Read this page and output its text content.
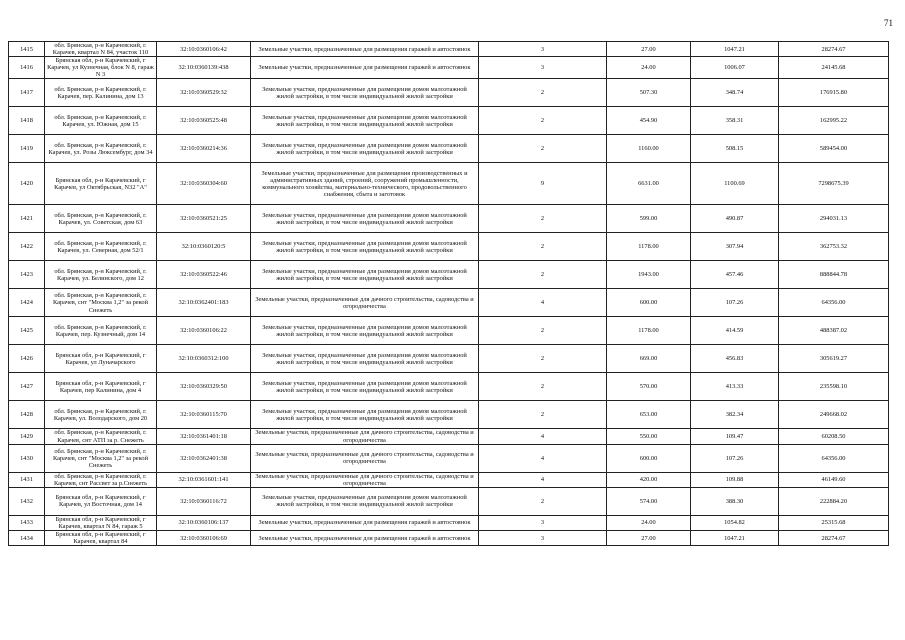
71
1415	обл. Брянская, р-н Карачевский, г. Карачев, квартал N 84, участок 110	32:10:0360106:42	Земельные участки, предназначенные для размещения гаражей и автостоянок	3	27.00	1047.21	28274.67
1416	Брянская обл, р-н Карачевский, г Карачев, ул Кузнечная, блок N 8, гараж N 3	32:10:0360139:438	Земельные участки, предназначенные для размещения гаражей и автостоянок	3	24.00	1006.07	24145.68
1417	обл. Брянская, р-н Карачевский, г. Карачев, пер. Калинина, дом 13	32:10:0360529:32	Земельные участки, предназначенные для размещения домов малоэтажной жилой застройки, в том числе индивидуальной жилой застройки	2	507.30	348.74	176915.80
1418	обл. Брянская, р-н Карачевский, г. Карачев, ул. Южная, дом 15	32:10:0360525:48	Земельные участки, предназначенные для размещения домов малоэтажной жилой застройки, в том числе индивидуальной жилой застройки	2	454.90	358.31	162995.22
1419	обл. Брянская, р-н Карачевский, г. Карачев, ул. Розы Люксембург, дом 34	32:10:0360214:36	Земельные участки, предназначенные для размещения домов малоэтажной жилой застройки, в том числе индивидуальной жилой застройки	2	1160.00	508.15	589454.00
1420	Брянская обл, р-н Карачевский, г Карачев, ул Октябрьская, N32 "А"	32:10:0360304:60	Земельные участки, предназначенные для размещения производственных и административных зданий, строений, сооружений промышленности, коммунального хозяйства, материально-технического, продовольственного снабжения, сбыта и заготовок	9	6631.00	1100.69	7298675.39
1421	обл. Брянская, р-н Карачевский, г. Карачев, ул. Советская, дом 63	32:10:0360521:25	Земельные участки, предназначенные для размещения домов малоэтажной жилой застройки, в том числе индивидуальной жилой застройки	2	599.00	490.87	294031.13
1422	обл. Брянская, р-н Карачевский, г. Карачев, ул. Северная, дом 52/1	32:10:0360120:5	Земельные участки, предназначенные для размещения домов малоэтажной жилой застройки, в том числе индивидуальной жилой застройки	2	1178.00	307.94	362753.32
1423	обл. Брянская, р-н Карачевский, г. Карачев, ул. Белинского, дом 12	32:10:0360522:46	Земельные участки, предназначенные для размещения домов малоэтажной жилой застройки, в том числе индивидуальной жилой застройки	2	1943.00	457.46	888844.78
1424	обл. Брянская, р-н Карачевский, г. Карачев, снт "Москва 1,2" за рекой Снежеть	32:10:0362401:183	Земельные участки, предназначенные для дачного строительства, садоводства и огородничества	4	600.00	107.26	64356.00
1425	обл. Брянская, р-н Карачевский, г. Карачев, пер. Кузнечный, дом 14	32:10:0360106:22	Земельные участки, предназначенные для размещения домов малоэтажной жилой застройки, в том числе индивидуальной жилой застройки	2	1178.00	414.59	488387.02
1426	Брянская обл, р-н Карачевский, г Карачев, ул Луначарского	32:10:0360312:100	Земельные участки, предназначенные для размещения домов малоэтажной жилой застройки, в том числе индивидуальной жилой застройки	2	669.00	456.83	305619.27
1427	Брянская обл, р-н Карачевский, г Карачев, пер Калинина, дом 4	32:10:0360329:50	Земельные участки, предназначенные для размещения домов малоэтажной жилой застройки, в том числе индивидуальной жилой застройки	2	570.00	413.33	235598.10
1428	обл. Брянская, р-н Карачевский, г. Карачев, ул. Володарского, дом 20	32:10:0360115:70	Земельные участки, предназначенные для размещения домов малоэтажной жилой застройки, в том числе индивидуальной жилой застройки	2	653.00	382.34	249668.02
1429	обл. Брянская, р-н Карачевский, г. Карачев, снт АТП за р. Снежеть	32:10:0361401:18	Земельные участки, предназначенные для дачного строительства, садоводства и огородничества	4	550.00	109.47	60208.50
1430	обл. Брянская, р-н Карачевский, г. Карачев, снт "Москва 1,2" за рекой Снежеть	32:10:0362401:38	Земельные участки, предназначенные для дачного строительства, садоводства и огородничества	4	600.00	107.26	64356.00
1431	обл. Брянская, р-н Карачевский, г. Карачев, снт Рассвет за р.Снежеть	32:10:0361601:141	Земельные участки, предназначенные для дачного строительства, садоводства и огородничества	4	420.00	109.88	46149.60
1432	Брянская обл, р-н Карачевский, г Карачев, ул Восточная, дом 14	32:10:0360116:72	Земельные участки, предназначенные для размещения домов малоэтажной жилой застройки, в том числе индивидуальной жилой застройки	2	574.00	388.30	222884.20
1433	Брянская обл, р-н Карачевский, г Карачев, квартал N 84, гараж 5	32:10:0360106:137	Земельные участки, предназначенные для размещения гаражей и автостоянок	3	24.00	1054.82	25315.68
1434	Брянская обл, р-н Карачевский, г Карачев, квартал 84	32:10:0360106:69	Земельные участки, предназначенные для размещения гаражей и автостоянок	3	27.00	1047.21	28274.67
